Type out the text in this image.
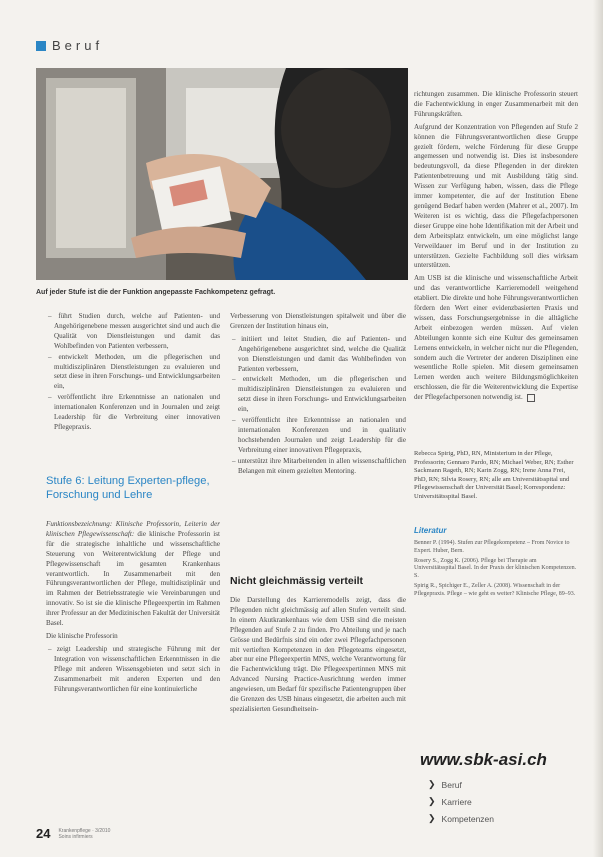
Beruf
Auf jeder Stufe ist die der Funktion angepasste Fachkompetenz gefragt.
– führt Studien durch, welche auf Patienten- und Angehörigenebene messen ausgerichtet sind und auch die Qualität von Dienstleistungen und damit das Wohlbefinden von Patienten verbessern,
– entwickelt Methoden, um die pflegerischen und multidisziplinären Dienstleistungen zu evaluieren und setzt diese in ihren Forschungs- und Entwicklungsarbeiten ein,
– veröffentlicht ihre Erkenntnisse an nationalen und internationalen Konferenzen und in Journalen und zeigt Leadership für die Verbreitung einer innovativen Pflegepraxis.
Stufe 6: Leitung Experten-pflege, Forschung und Lehre

Funktionsbezeichnung: Klinische Professorin, Leiterin der klinischen Pflegewissenschaft: die klinische Professorin ist für die strategische inhaltliche und wissenschaftliche Steuerung von Weiterentwicklung der Pflege und Pflegewissenschaft im gesamten Krankenhaus verantwortlich. In Zusammenarbeit mit den Führungsverantwortlichen der Pflege, multidisziplinär und im Rahmen der Betriebsstrategie wie Vereinbarungen und innovativ. So ist sie die klinische Pflegeexpertin im Rahmen ihrer Professur an der Medizinischen Fakultät der Universität Basel.

Die klinische Professorin

– zeigt Leadership und strategische Führung mit der Integration von wissenschaftlichen Erkenntnissen in die Pflege mit anderen Wissensgebieten und setzt sich in Zusammenarbeit mit anderen Experten und den Führungsverantwortlichen für eine kontinuierliche

Verbesserung von Dienstleistungen spitalweit und über die Grenzen der Institution hinaus ein,

– initiiert und leitet Studien, die auf Patienten- und Angehörigenebene ausgerichtet sind, welche die Qualität von Dienstleistungen und damit das Wohlbefinden von Patienten verbessern,
– entwickelt Methoden, um die pflegerischen und multidisziplinären Dienstleistungen zu evaluieren und setzt diese in ihren Forschungs- und Entwicklungsarbeiten ein,
– veröffentlicht ihre Erkenntnisse an nationalen und internationalen Konferenzen und in qualitativ hochstehenden Journalen und zeigt Leadership für die Verbreitung einer innovativen Pflegepraxis,
– unterstützt ihre Mitarbeitenden in allen wissenschaftlichen Belangen mit einem gezielten Mentoring.
Nicht gleichmässig verteilt

Die Darstellung des Karrieremodells zeigt, dass die Pflegenden nicht gleichmässig auf allen Stufen verteilt sind. In einem Akutkrankenhaus wie dem USB sind die meisten Pflegenden auf Stufe 2 zu finden. Pro Abteilung und je nach Grösse und Bedürfnis sind ein oder zwei Pflegefachpersonen mit vertieften Kompetenzen in den Pflegeteams eingesetzt, aber nur eine Pflegeexpertin MNS, welche Verantwortung für die Fachentwicklung trägt. Die Pflegeexpertinnen MNS mit Advanced Nursing Practice-Ausrichtung werden immer angewiesen, um Bedarf für spezifische Patientengruppen über die Grenzen des USB hinaus eingesetzt, die arbeiten auch mit spezialisierten Gesundheitsein-

richtungen zusammen. Die klinische Professorin steuert die Fachentwicklung in enger Zusammenarbeit mit den Führungskräften.

Aufgrund der Konzentration von Pflegenden auf Stufe 2 können die Führungsverantwortlichen diese Gruppe gezielt fördern, welche Förderung für diese Gruppe angemessen und notwendig ist. Dies ist insbesondere bedeutungsvoll, da diese Pflegenden in der direkten Patientenbetreuung und mit Ausbildung tätig sind. Wissen zur Verfügung haben, wissen, dass die Pflege immer kompetenter, die auf der Institution Ebene genügend Bedarf haben werden (Mahrer et al., 2007). Im Weiteren ist es wichtig, dass die Pflegefachpersonen dieser Gruppe eine hohe Identifikation mit der Arbeit und dem Arbeitsplatz entwickeln, um eine möglichst lange Verweildauer im Beruf und in der Institution zu unterstützen. Gezielte Fachbildung soll dies wirksam unterstützen.

Am USB ist die klinische und wissenschaftliche Arbeit und das verantwortliche Karrieremodell weitgehend etabliert. Die direkte und hohe Führungsverantwortlichen fördern den Wert einer evidenzbasierten Praxis und wissen, dass Forschungsergebnisse in die alltägliche Arbeit einbezogen werden müssen. Auf vielen Abteilungen konnte sich eine Kultur des gemeinsamen Lernens entwickeln, in welcher nicht nur die Pflegenden, sondern auch die Vertreter der anderen Disziplinen eine wesentliche Rolle spielen. Mit diesem gemeinsamen Lernen werden auch weitere Bildungsmöglichkeiten erschlossen, die für die Weiterentwicklung die Expertise der Pflegefachpersonen notwendig ist.

Rebecca Spirig, PhD, RN, Ministerium in der Pflege, Professorin; Gennaro Pardo, RN; Michael Weber, RN; Esther Sackmann Rageth, RN; Karin Zogg, RN; Irene Anna Frei, PhD, RN; Silvia Rosery, RN; alle am Universitätsspital und Pflegewissenschaft der Universität Basel; Korrespondenz: Universitätsspital Basel.
Literatur
Benner P. (1994). Stufen zur Pflegekompetenz – From Novice to Expert. Huber, Bern.
Rosery S., Zogg K. (2006). Pflege bei Therapie am Universitätsspital Basel. In der Praxis der klinischen Kompetenzen. S.
Spirig R., Spichiger E., Zeller A. (2008). Wissenschaft in der Pflegepraxis. Pflege – wie geht es weiter? Klinische Pflege, 89–93.
www.sbk-asi.ch
❯ Beruf
❯ Karriere
❯ Kompetenzen
24 Krankenpflege · 3/2010
Soins infirmiers
